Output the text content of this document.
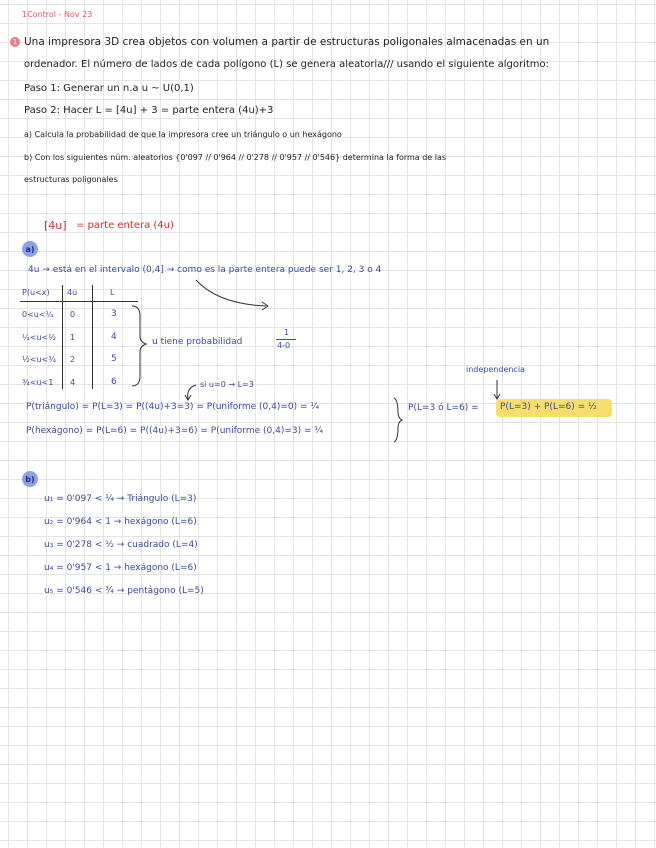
1Control - Nov 23
1 Una impresora 3D crea objetos con volumen a partir de estructuras poligonales almacenadas en un
ordenador. El número de lados de cada polígono (L) se genera aleatoria/// usando el siguiente algoritmo:
Paso 1: Generar un n.a u ~ U(0,1)
Paso 2: Hacer L = [4u] + 3 = parte entera (4u)+3
a) Calcula la probabilidad de que la impresora cree un triángulo o un hexágono
b) Con los siguientes núm. aleatorios {0'097 // 0'964 // 0'278 // 0'957 // 0'546} determina la forma de las
estructuras poligonales
[4u] = parte entera (4u)
a)
4u → está en el intervalo (0,4] → como es la parte entera puede ser 1, 2, 3 o 4
P(u<x) 4u	L
0<u<¼ 0	3
¼<u<½ 1	4
½<u<¾ 2	5
¾<u<1 4	6
u tiene probabilidad
1
4-0
si u=0 → L=3
independencia
P(triángulo) = P(L=3) = P((4u)+3=3) = P(uniforme (0,4)=0) = ¼
P(hexágono) = P(L=6) = P((4u)+3=6) = P(uniforme (0,4)=3) = ¼
P(L=3 ó L=6) = P(L=3) + P(L=6) = ½
b)
u₁ = 0'097 < ¼ → Triángulo (L=3)
u₂ = 0'964 < 1 → hexágono (L=6)
u₃ = 0'278 < ½ → cuadrado (L=4)
u₄ = 0'957 < 1 → hexágono (L=6)
u₅ = 0'546 < ¾ → pentágono (L=5)
